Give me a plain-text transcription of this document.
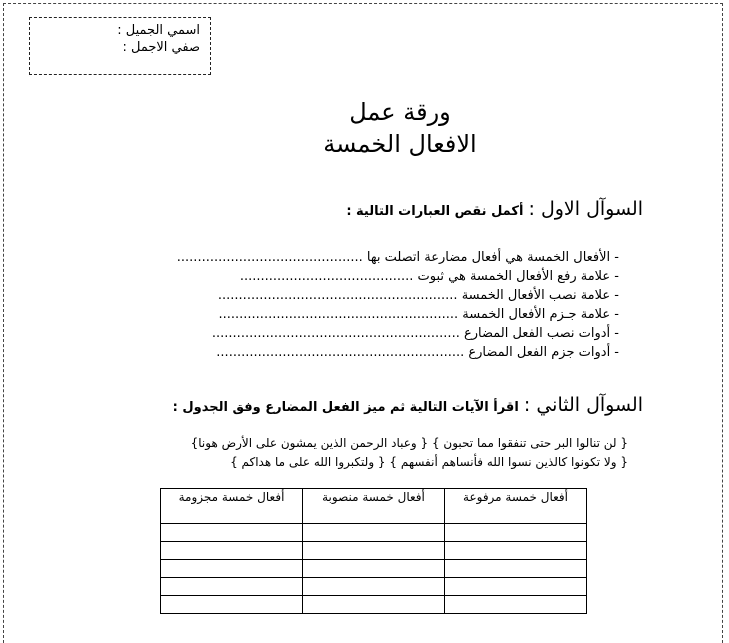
اسمي الجميل :
صفي الاجمل :
ورقة عمل
الافعال الخمسة
السوآل الاول : أكمل نقص العبارات التالية :
- الأفعال الخمسة هي أفعال مضارعة اتصلت بها .............................................
- علامة رفع الأفعال الخمسة هي ثبوت ..........................................
- علامة نصب الأفعال الخمسة ..........................................................
- علامة جـزم الأفعال الخمسة ..........................................................
- أدوات نصب الفعل المضارع ............................................................
- أدوات جزم الفعل المضارع ............................................................
السوآل الثاني : اقرأ الآيات التالية ثم ميز الفعل المضارع وفق الجدول :
{ لن تنالوا البر حتى تنفقوا مما تحبون } { وعباد الرحمن الذين يمشون على الأرض هونا}
{ ولا تكونوا كالذين نسوا الله فأنساهم أنفسهم } { ولتكبروا الله على ما هداكم }
أفعال خمسة مرفوعة	أفعال خمسة منصوبة	أفعال خمسة مجزومة
